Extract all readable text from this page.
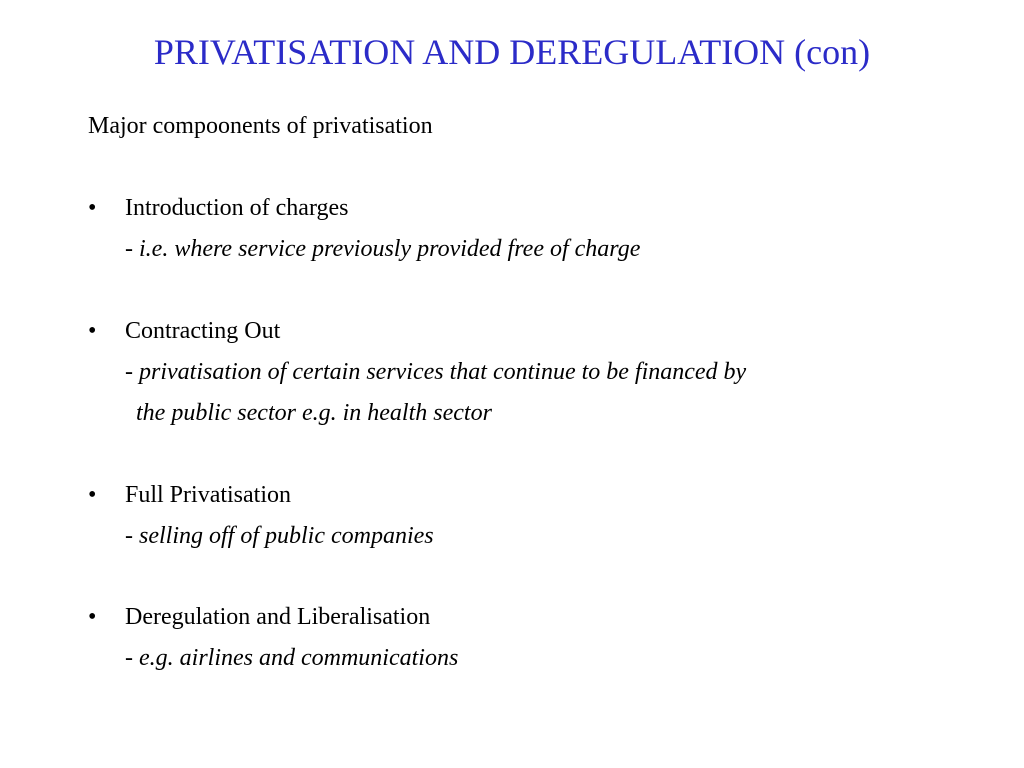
PRIVATISATION AND DEREGULATION (con)
Major compoonents of privatisation
•	Introduction of charges
- i.e. where service previously provided free of charge
•	Contracting Out
- privatisation of certain services that continue to be financed by
the public sector e.g. in health sector
•	Full Privatisation
- selling off of public companies
•	Deregulation and Liberalisation
- e.g. airlines and communications
